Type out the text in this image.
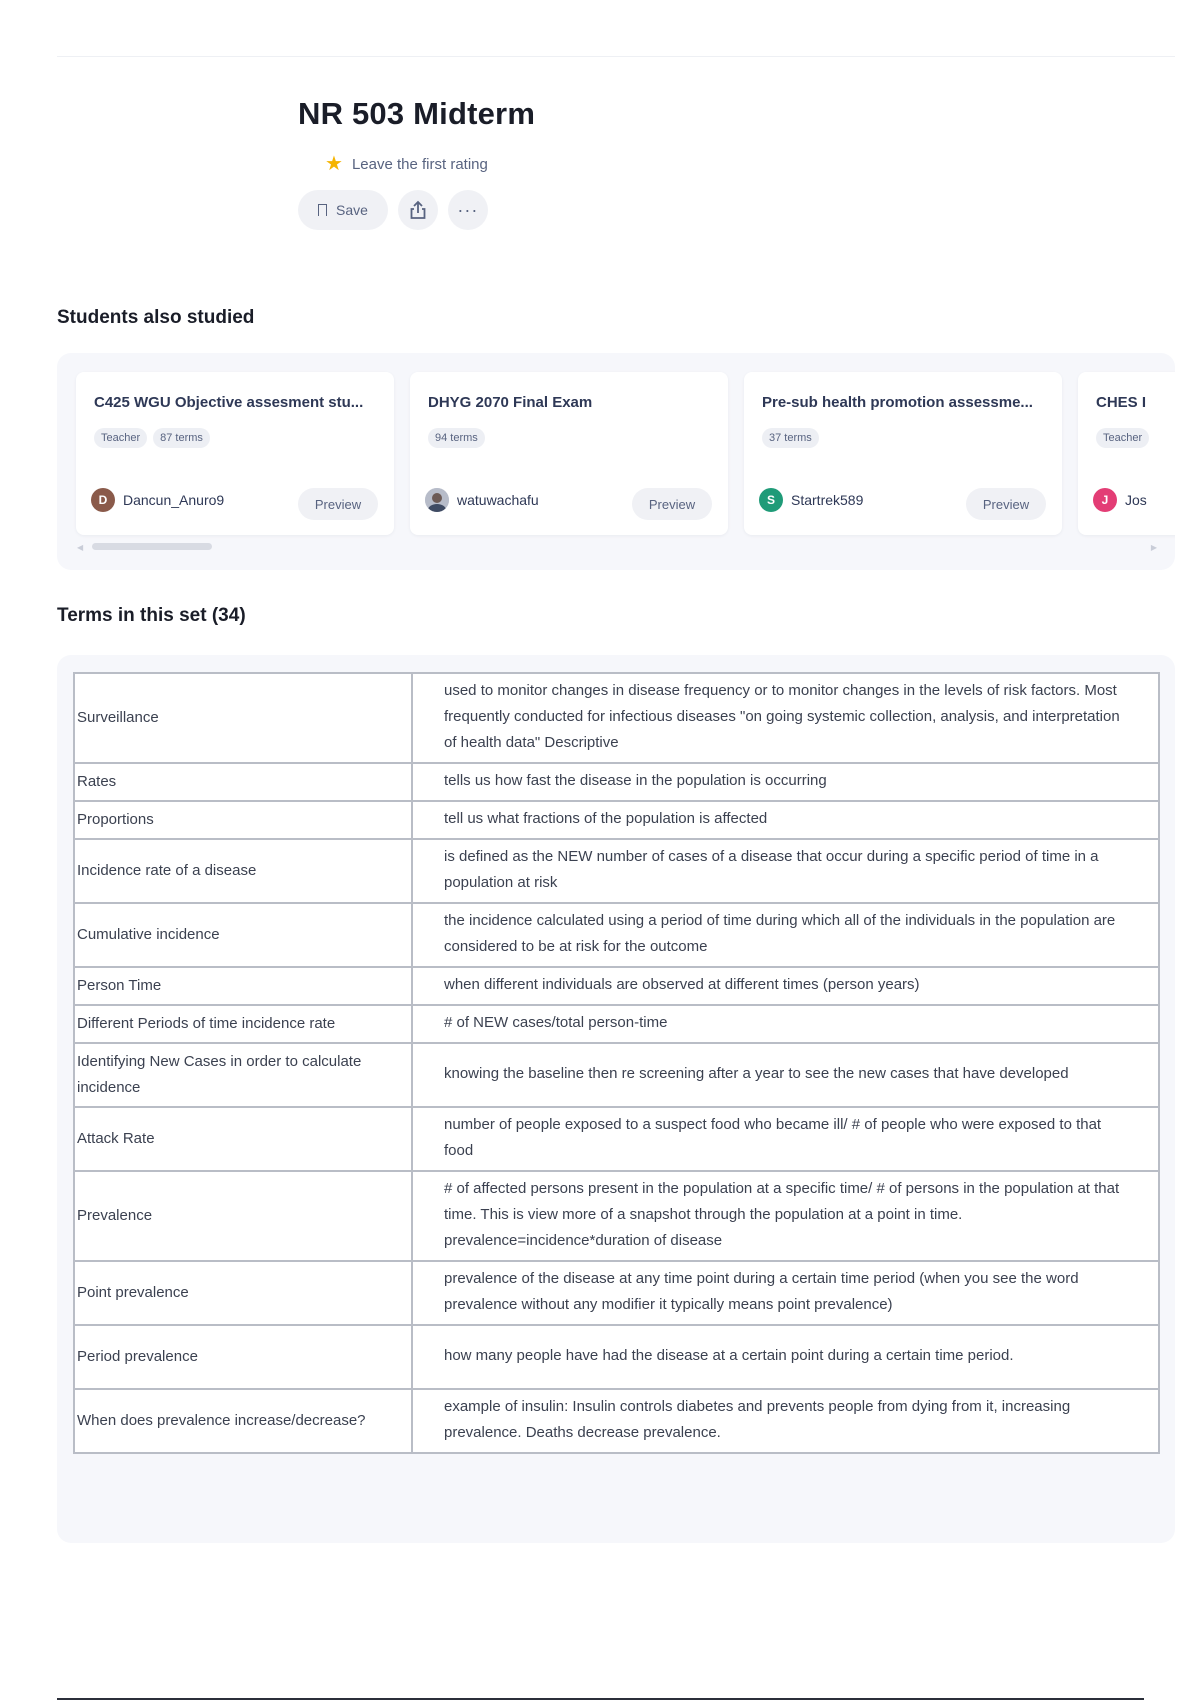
NR 503 Midterm
★ Leave the first rating
Save	···
Students also studied
C425 WGU Objective assesment stu...
Teacher	87 terms
D	Dancun_Anuro9	Preview
DHYG 2070 Final Exam
94 terms
watuwachafu	Preview
Pre-sub health promotion assessme...
37 terms
S	Startrek589	Preview
CHES I
Teacher
J	Jos
◀	▶
Terms in this set (34)
Surveillance	used to monitor changes in disease frequency or to monitor changes in the levels of risk factors. Most frequently conducted for infectious diseases "on going systemic collection, analysis, and interpretation of health data" Descriptive
Rates	tells us how fast the disease in the population is occurring
Proportions	tell us what fractions of the population is affected
Incidence rate of a disease	is defined as the NEW number of cases of a disease that occur during a specific period of time in a population at risk
Cumulative incidence	the incidence calculated using a period of time during which all of the individuals in the population are considered to be at risk for the outcome
Person Time	when different individuals are observed at different times (person years)
Different Periods of time incidence rate	# of NEW cases/total person-time
Identifying New Cases in order to calculate incidence	knowing the baseline then re screening after a year to see the new cases that have developed
Attack Rate	number of people exposed to a suspect food who became ill/ # of people who were exposed to that food
Prevalence	# of affected persons present in the population at a specific time/ # of persons in the population at that time. This is view more of a snapshot through the population at a point in time. prevalence=incidence*duration of disease
Point prevalence	prevalence of the disease at any time point during a certain time period (when you see the word prevalence without any modifier it typically means point prevalence)
Period prevalence	how many people have had the disease at a certain point during a certain time period.
When does prevalence increase/decrease?	example of insulin: Insulin controls diabetes and prevents people from dying from it, increasing prevalence. Deaths decrease prevalence.
